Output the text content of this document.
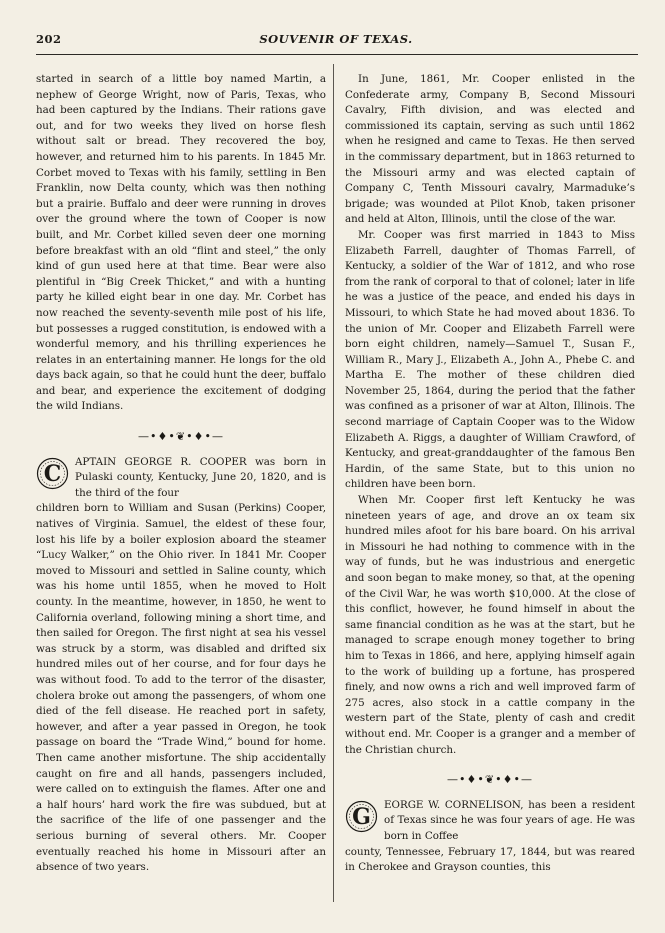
202	SOUVENIR OF TEXAS.

started in search of a little boy named Martin, a nephew of George Wright, now of Paris, Texas, who had been captured by the Indians. Their rations gave out, and for two weeks they lived on horse flesh without salt or bread. They recovered the boy, however, and returned him to his parents. In 1845 Mr. Corbet moved to Texas with his family, settling in Ben Franklin, now Delta county, which was then nothing but a prairie. Buffalo and deer were running in droves over the ground where the town of Cooper is now built, and Mr. Corbet killed seven deer one morning before breakfast with an old “flint and steel,” the only kind of gun used here at that time. Bear were also plentiful in “Big Creek Thicket,” and with a hunting party he killed eight bear in one day. Mr. Corbet has now reached the seventy-seventh mile post of his life, but possesses a rugged constitution, is endowed with a wonderful memory, and his thrilling experiences he relates in an entertaining manner. He longs for the old days back again, so that he could hunt the deer, buffalo and bear, and experience the excitement of dodging the wild Indians.

—•♦•❦•♦•—
C APTAIN GEORGE R. COOPER was born in Pulaski county, Kentucky, June 20, 1820, and is the third of the four

children born to William and Susan (Perkins) Cooper, natives of Virginia. Samuel, the eldest of these four, lost his life by a boiler explosion aboard the steamer “Lucy Walker,” on the Ohio river. In 1841 Mr. Cooper moved to Missouri and settled in Saline county, which was his home until 1855, when he moved to Holt county. In the meantime, however, in 1850, he went to California overland, following mining a short time, and then sailed for Oregon. The first night at sea his vessel was struck by a storm, was disabled and drifted six hundred miles out of her course, and for four days he was without food. To add to the terror of the disaster, cholera broke out among the passengers, of whom one died of the fell disease. He reached port in safety, however, and after a year passed in Oregon, he took passage on board the “Trade Wind,” bound for home. Then came another misfortune. The ship accidentally caught on fire and all hands, passengers included, were called on to extinguish the flames. After one and a half hours’ hard work the fire was subdued, but at the sacrifice of the life of one passenger and the serious burning of several others. Mr. Cooper eventually reached his home in Missouri after an absence of two years.

In June, 1861, Mr. Cooper enlisted in the Confederate army, Company B, Second Missouri Cavalry, Fifth division, and was elected and commissioned its captain, serving as such until 1862 when he resigned and came to Texas. He then served in the commissary department, but in 1863 returned to the Missouri army and was elected captain of Company C, Tenth Missouri cavalry, Marmaduke’s brigade; was wounded at Pilot Knob, taken prisoner and held at Alton, Illinois, until the close of the war.

Mr. Cooper was first married in 1843 to Miss Elizabeth Farrell, daughter of Thomas Farrell, of Kentucky, a soldier of the War of 1812, and who rose from the rank of corporal to that of colonel; later in life he was a justice of the peace, and ended his days in Missouri, to which State he had moved about 1836. To the union of Mr. Cooper and Elizabeth Farrell were born eight children, namely—Samuel T., Susan F., William R., Mary J., Elizabeth A., John A., Phebe C. and Martha E. The mother of these children died November 25, 1864, during the period that the father was confined as a prisoner of war at Alton, Illinois. The second marriage of Captain Cooper was to the Widow Elizabeth A. Riggs, a daughter of William Crawford, of Kentucky, and great-granddaughter of the famous Ben Hardin, of the same State, but to this union no children have been born.

When Mr. Cooper first left Kentucky he was nineteen years of age, and drove an ox team six hundred miles afoot for his bare board. On his arrival in Missouri he had nothing to commence with in the way of funds, but he was industrious and energetic and soon began to make money, so that, at the opening of the Civil War, he was worth $10,000. At the close of this conflict, however, he found himself in about the same financial condition as he was at the start, but he managed to scrape enough money together to bring him to Texas in 1866, and here, applying himself again to the work of building up a fortune, has prospered finely, and now owns a rich and well improved farm of 275 acres, also stock in a cattle company in the western part of the State, plenty of cash and credit without end. Mr. Cooper is a granger and a member of the Christian church.

—•♦•❦•♦•—
G EORGE W. CORNELISON, has been a resident of Texas since he was four years of age. He was born in Coffee

county, Tennessee, February 17, 1844, but was reared in Cherokee and Grayson counties, this
